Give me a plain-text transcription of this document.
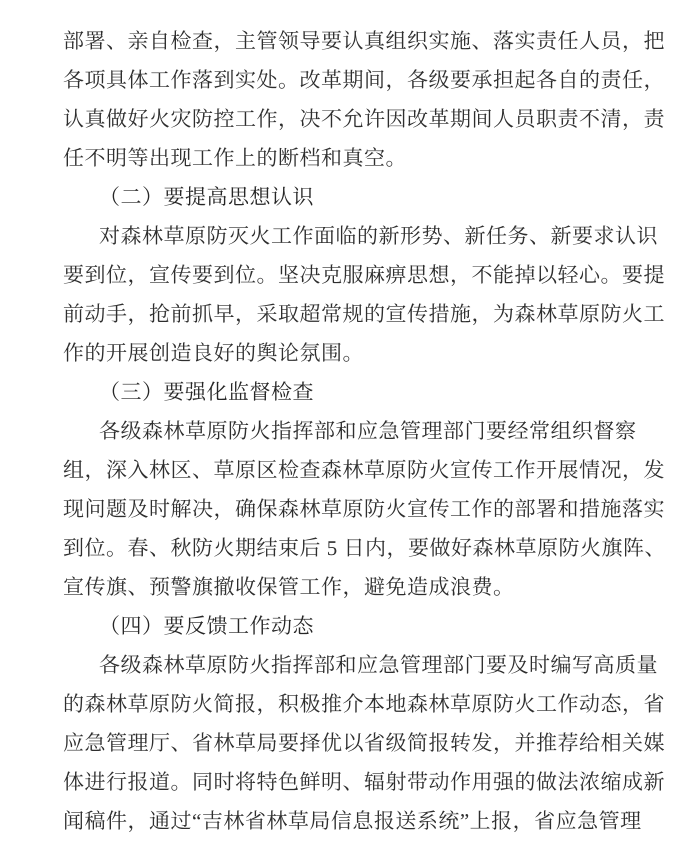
部署、亲自检查，主管领导要认真组织实施、落实责任人员，把
各项具体工作落到实处。改革期间，各级要承担起各自的责任，
认真做好火灾防控工作，决不允许因改革期间人员职责不清，责
任不明等出现工作上的断档和真空。
（二）要提高思想认识
对森林草原防灭火工作面临的新形势、新任务、新要求认识
要到位，宣传要到位。坚决克服麻痹思想，不能掉以轻心。要提
前动手，抢前抓早，采取超常规的宣传措施，为森林草原防火工
作的开展创造良好的舆论氛围。
（三）要强化监督检查
各级森林草原防火指挥部和应急管理部门要经常组织督察
组，深入林区、草原区检查森林草原防火宣传工作开展情况，发
现问题及时解决，确保森林草原防火宣传工作的部署和措施落实
到位。春、秋防火期结束后 5 日内，要做好森林草原防火旗阵、
宣传旗、预警旗撤收保管工作，避免造成浪费。
（四）要反馈工作动态
各级森林草原防火指挥部和应急管理部门要及时编写高质量
的森林草原防火简报，积极推介本地森林草原防火工作动态，省
应急管理厅、省林草局要择优以省级简报转发，并推荐给相关媒
体进行报道。同时将特色鲜明、辐射带动作用强的做法浓缩成新
闻稿件，通过“吉林省林草局信息报送系统”上报，省应急管理
